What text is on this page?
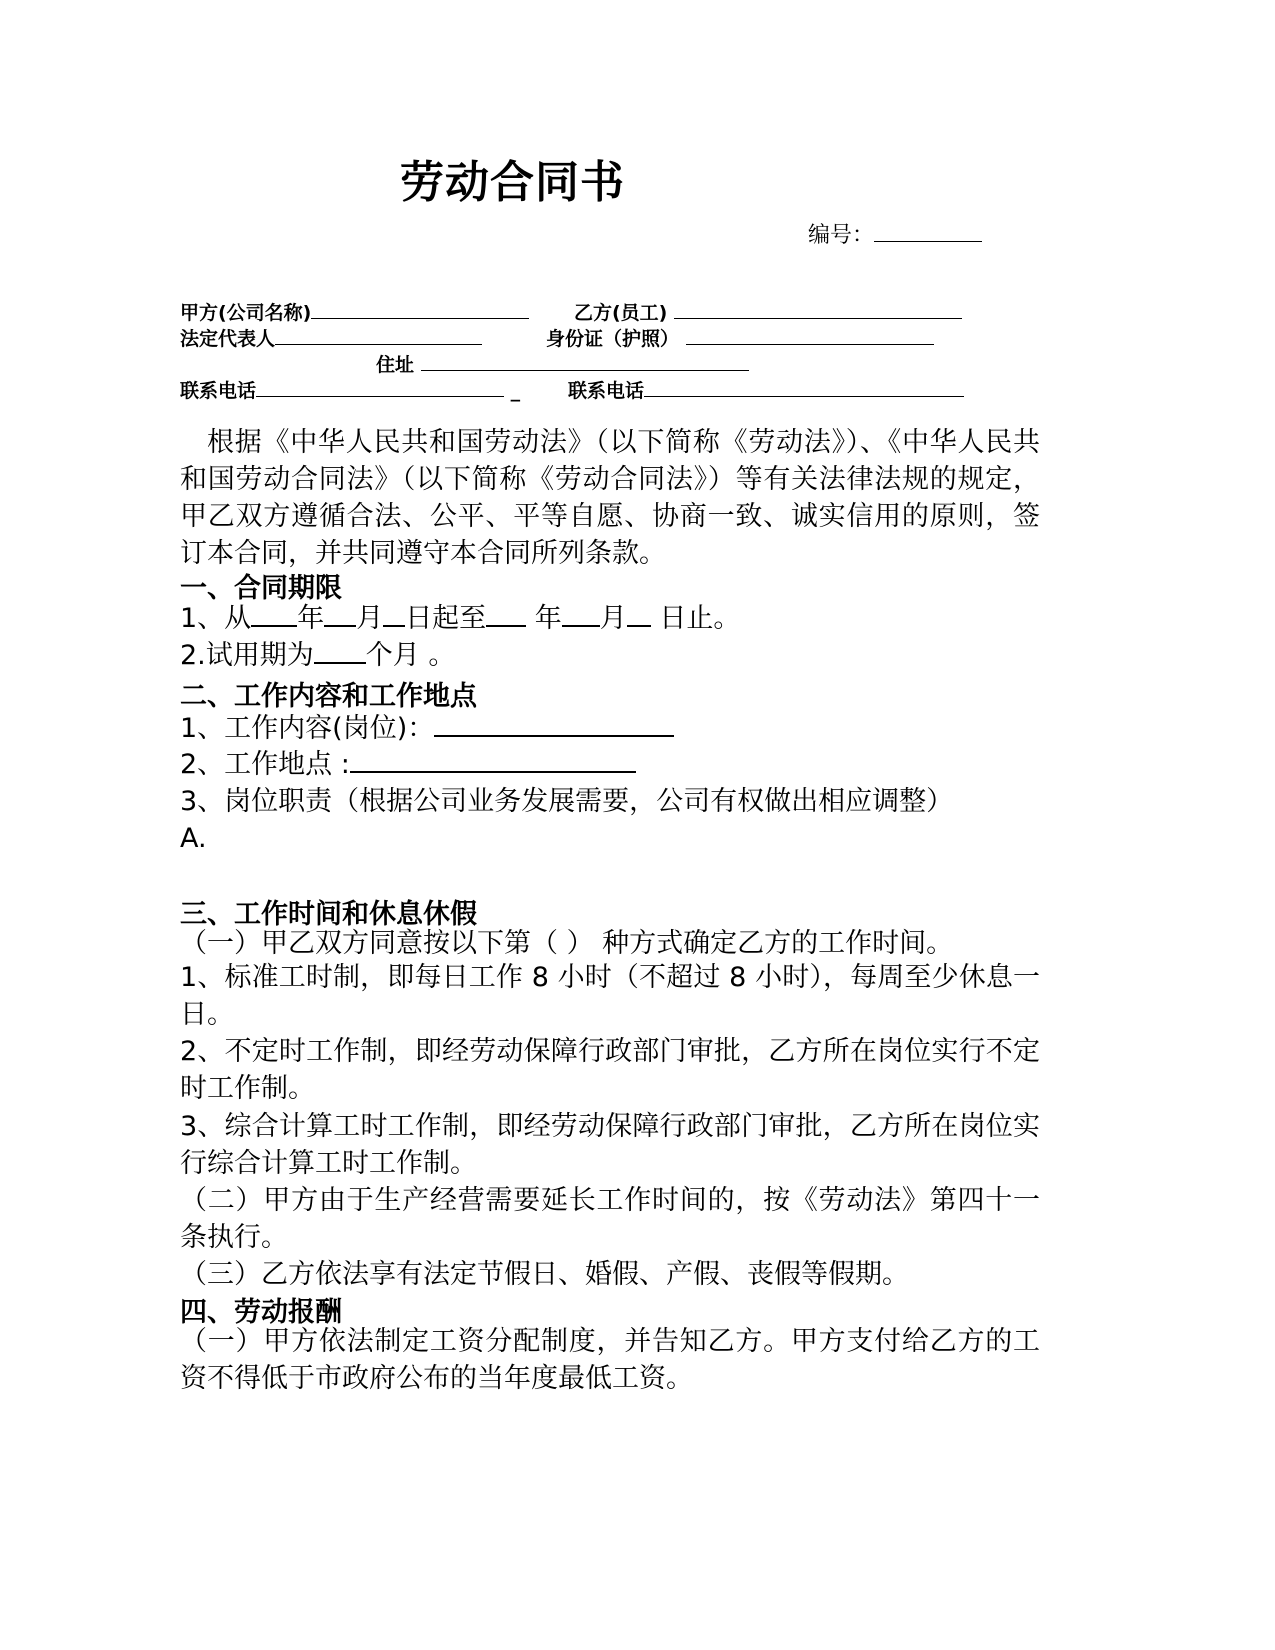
劳动合同书
编号：
甲方(公司名称)	乙方(员工)
法定代表人	身份证（护照）
住址
联系电话	_	联系电话
根据《中华人民共和国劳动法》（以下简称《劳动法》）、《中华人民共和国劳动合同法》（以下简称《劳动合同法》）等有关法律法规的规定，甲乙双方遵循合法、公平、平等自愿、协商一致、诚实信用的原则，签订本合同，并共同遵守本合同所列条款。
一、合同期限
1、从 年 月 日起至 年 月 日止。
2.试用期为 个月 。
二、工作内容和工作地点
1、工作内容(岗位)：
2、工作地点 :
3、岗位职责（根据公司业务发展需要，公司有权做出相应调整）
A.
三、工作时间和休息休假
（一）甲乙双方同意按以下第（ ） 种方式确定乙方的工作时间。
1、标准工时制，即每日工作 8 小时（不超过 8 小时），每周至少休息一日。
2、不定时工作制，即经劳动保障行政部门审批，乙方所在岗位实行不定时工作制。
3、综合计算工时工作制，即经劳动保障行政部门审批，乙方所在岗位实行综合计算工时工作制。
（二）甲方由于生产经营需要延长工作时间的，按《劳动法》第四十一条执行。
（三）乙方依法享有法定节假日、婚假、产假、丧假等假期。
四、劳动报酬
（一）甲方依法制定工资分配制度，并告知乙方。甲方支付给乙方的工资不得低于市政府公布的当年度最低工资。
